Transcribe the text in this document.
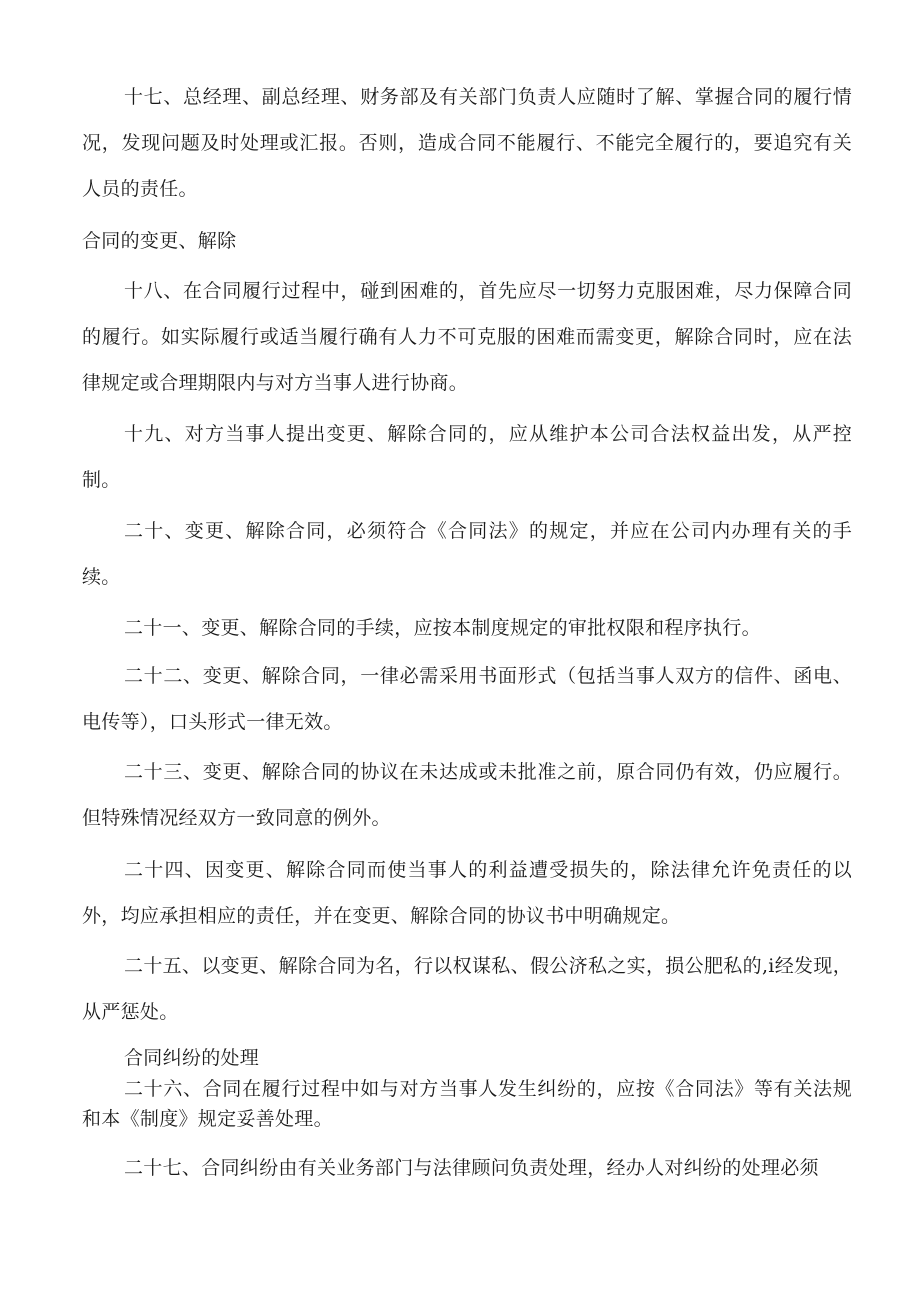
十七、总经理、副总经理、财务部及有关部门负责人应随时了解、掌握合同的履行情况，发现问题及时处理或汇报。否则，造成合同不能履行、不能完全履行的，要追究有关人员的责任。

合同的变更、解除

十八、在合同履行过程中，碰到困难的，首先应尽一切努力克服困难，尽力保障合同的履行。如实际履行或适当履行确有人力不可克服的困难而需变更，解除合同时，应在法律规定或合理期限内与对方当事人进行协商。

十九、对方当事人提出变更、解除合同的，应从维护本公司合法权益出发，从严控制。

二十、变更、解除合同，必须符合《合同法》的规定，并应在公司内办理有关的手续。

二十一、变更、解除合同的手续，应按本制度规定的审批权限和程序执行。

二十二、变更、解除合同，一律必需采用书面形式（包括当事人双方的信件、函电、电传等），口头形式一律无效。

二十三、变更、解除合同的协议在未达成或未批准之前，原合同仍有效，仍应履行。但特殊情况经双方一致同意的例外。

二十四、因变更、解除合同而使当事人的利益遭受损失的，除法律允许免责任的以外，均应承担相应的责任，并在变更、解除合同的协议书中明确规定。

二十五、以变更、解除合同为名，行以权谋私、假公济私之实，损公肥私的,i经发现，从严惩处。

合同纠纷的处理

二十六、合同在履行过程中如与对方当事人发生纠纷的，应按《合同法》等有关法规和本《制度》规定妥善处理。

二十七、合同纠纷由有关业务部门与法律顾问负责处理，经办人对纠纷的处理必须
